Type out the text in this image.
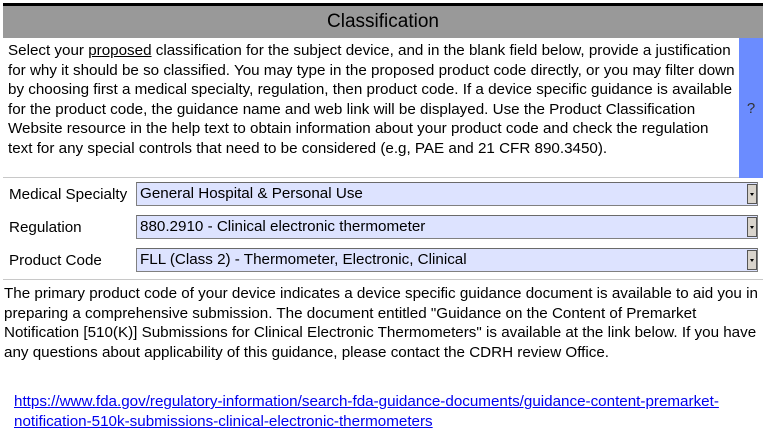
Classification

Select your proposed classification for the subject device, and in the blank field below, provide a justification for why it should be so classified. You may type in the proposed product code directly, or you may filter down by choosing first a medical specialty, regulation, then product code. If a device specific guidance is available for the product code, the guidance name and web link will be displayed. Use the Product Classification Website resource in the help text to obtain information about your product code and check the regulation text for any special controls that need to be considered (e.g, PAE and 21 CFR 890.3450).

?
Medical Specialty General Hospital & Personal Use
Regulation	880.2910 - Clinical electronic thermometer
Product Code	FLL (Class 2) - Thermometer, Electronic, Clinical

The primary product code of your device indicates a device specific guidance document is available to aid you in preparing a comprehensive submission. The document entitled "Guidance on the Content of Premarket Notification [510(K)] Submissions for Clinical Electronic Thermometers" is available at the link below. If you have any questions about applicability of this guidance, please contact the CDRH review Office.

https://www.fda.gov/regulatory-information/search-fda-guidance-documents/guidance-content-premarket-notification-510k-submissions-clinical-electronic-thermometers
